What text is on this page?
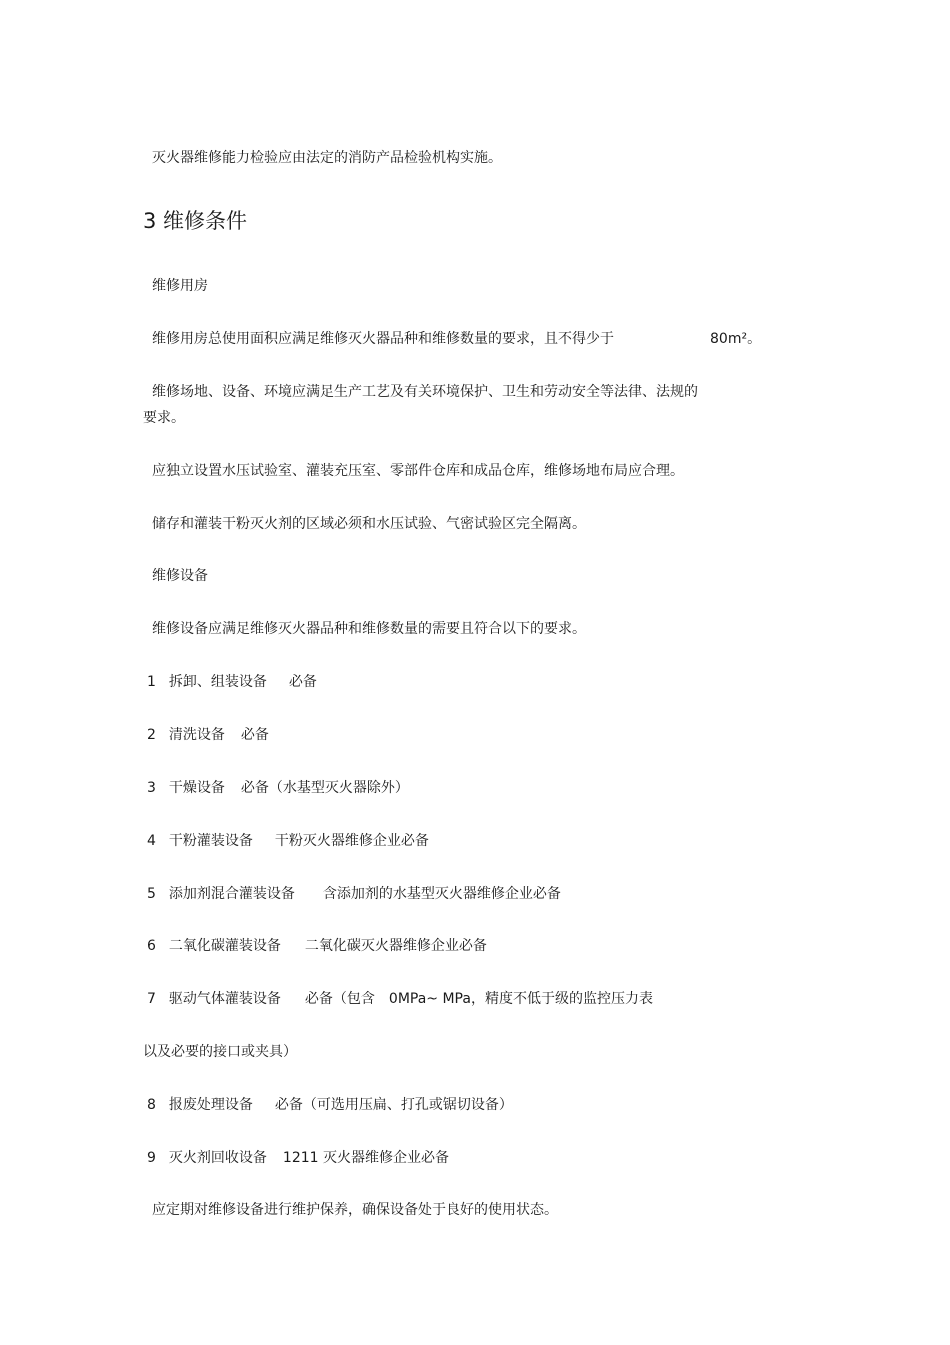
灭火器维修能力检验应由法定的消防产品检验机构实施。
3 维修条件
维修用房
维修用房总使用面积应满足维修灭火器品种和维修数量的要求，且不得少于	80m²。
维修场地、设备、环境应满足生产工艺及有关环境保护、卫生和劳动安全等法律、法规的
要求。
应独立设置水压试验室、灌装充压室、零部件仓库和成品仓库，维修场地布局应合理。
储存和灌装干粉灭火剂的区域必须和水压试验、气密试验区完全隔离。
维修设备
维修设备应满足维修灭火器品种和维修数量的需要且符合以下的要求。
1 拆卸、组装设备 必备
2 清洗设备 必备
3 干燥设备 必备（水基型灭火器除外）
4 干粉灌装设备 干粉灭火器维修企业必备
5 添加剂混合灌装设备 含添加剂的水基型灭火器维修企业必备
6 二氧化碳灌装设备 二氧化碳灭火器维修企业必备
7 驱动气体灌装设备 必备（包含 0MPa~ MPa，精度不低于级的监控压力表
以及必要的接口或夹具）
8 报废处理设备 必备（可选用压扁、打孔或锯切设备）
9 灭火剂回收设备 1211 灭火器维修企业必备
应定期对维修设备进行维护保养，确保设备处于良好的使用状态。
